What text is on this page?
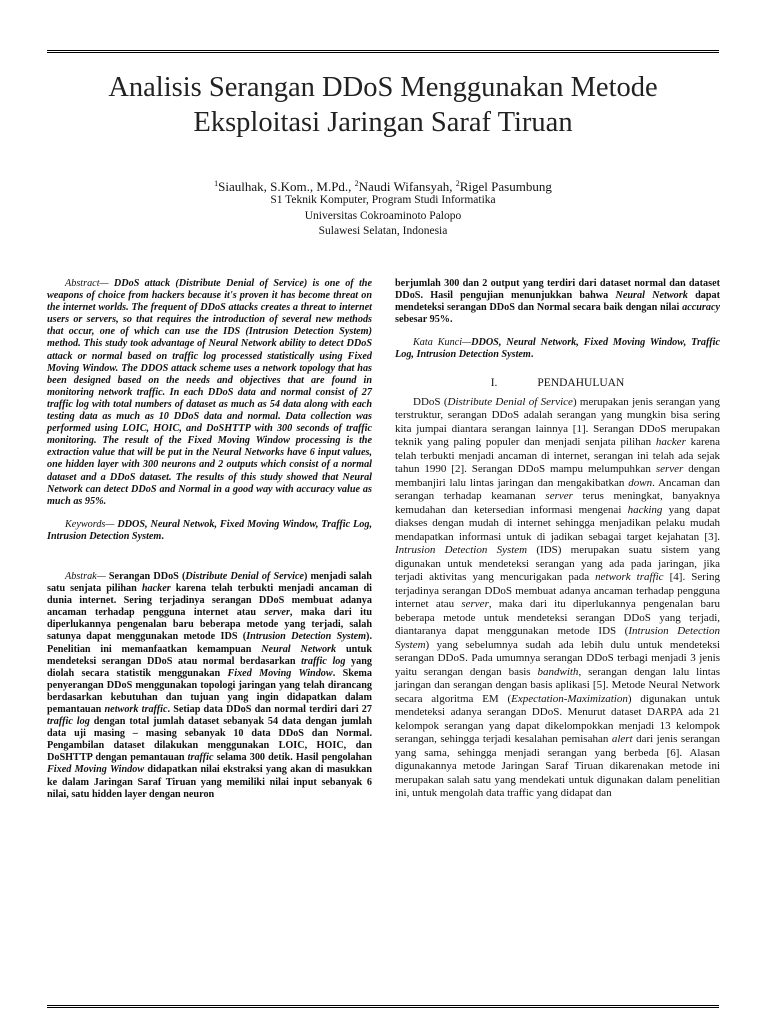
Analisis Serangan DDoS Menggunakan Metode
Eksploitasi Jaringan Saraf Tiruan
$^1$Siaulhak, S.Kom., M.Pd., $^2$Naudi Wifansyah, $^2$Rigel Pasumbung
S1 Teknik Komputer, Program Studi Informatika
Universitas Cokroaminoto Palopo
Sulawesi Selatan, Indonesia

Abstract— DDoS attack (Distribute Denial of Service) is one of the weapons of choice from hackers because it's proven it has become threat on the internet worlds. The frequent of DDoS attacks creates a threat to internet users or servers, so that requires the introduction of several new methods that occur, one of which can use the IDS (Intrusion Detection System) method. This study took advantage of Neural Network ability to detect DDoS attack or normal based on traffic log processed statistically using Fixed Moving Window. The DDOS attack scheme uses a network topology that has been designed based on the needs and objectives that are found in monitoring network traffic. In each DDoS data and normal consist of 27 traffic log with total numbers of dataset as much as 54 data along with each testing data as much as 10 DDoS data and normal. Data collection was performed using LOIC, HOIC, and DoSHTTP with 300 seconds of traffic monitoring. The result of the Fixed Moving Window processing is the extraction value that will be put in the Neural Networks have 6 input values, one hidden layer with 300 neurons and 2 outputs which consist of a normal dataset and a DDoS dataset. The results of this study showed that Neural Network can detect DDoS and Normal in a good way with accuracy value as much as 95%.

Keywords— DDOS, Neural Netwok, Fixed Moving Window, Traffic Log, Intrusion Detection System.

Abstrak— Serangan DDoS (Distribute Denial of Service) menjadi salah satu senjata pilihan hacker karena telah terbukti menjadi ancaman di dunia internet. Sering terjadinya serangan DDoS membuat adanya ancaman terhadap pengguna internet atau server, maka dari itu diperlukannya pengenalan baru beberapa metode yang terjadi, salah satunya dapat menggunakan metode IDS (Intrusion Detection System). Penelitian ini memanfaatkan kemampuan Neural Network untuk mendeteksi serangan DDoS atau normal berdasarkan traffic log yang diolah secara statistik menggunakan Fixed Moving Window. Skema penyerangan DDoS menggunakan topologi jaringan yang telah dirancang berdasarkan kebutuhan dan tujuan yang ingin didapatkan dalam pemantauan network traffic. Setiap data DDoS dan normal terdiri dari 27 traffic log dengan total jumlah dataset sebanyak 54 data dengan jumlah data uji masing – masing sebanyak 10 data DDoS dan Normal. Pengambilan dataset dilakukan menggunakan LOIC, HOIC, dan DoSHTTP dengan pemantauan traffic selama 300 detik. Hasil pengolahan Fixed Moving Window didapatkan nilai ekstraksi yang akan di masukkan ke dalam Jaringan Saraf Tiruan yang memiliki nilai input sebanyak 6 nilai, satu hidden layer dengan neuron

berjumlah 300 dan 2 output yang terdiri dari dataset normal dan dataset DDoS. Hasil pengujian menunjukkan bahwa Neural Network dapat mendeteksi serangan DDoS dan Normal secara baik dengan nilai accuracy sebesar 95%.

Kata Kunci—DDOS, Neural Network, Fixed Moving Window, Traffic Log, Intrusion Detection System.

I.	PENDAHULUAN

DDoS (Distribute Denial of Service) merupakan jenis serangan yang terstruktur, serangan DDoS adalah serangan yang mungkin bisa sering kita jumpai diantara serangan lainnya [1]. Serangan DDoS merupakan teknik yang paling populer dan menjadi senjata pilihan hacker karena telah terbukti menjadi ancaman di internet, serangan ini telah ada sejak tahun 1990 [2]. Serangan DDoS mampu melumpuhkan server dengan membanjiri lalu lintas jaringan dan mengakibatkan down. Ancaman dan serangan terhadap keamanan server terus meningkat, banyaknya kemudahan dan ketersedian informasi mengenai hacking yang dapat diakses dengan mudah di internet sehingga menjadikan pelaku mudah mendapatkan informasi untuk di jadikan sebagai target kejahatan [3]. Intrusion Detection System (IDS) merupakan suatu sistem yang digunakan untuk mendeteksi serangan yang ada pada jaringan, jika terjadi aktivitas yang mencurigakan pada network traffic [4]. Sering terjadinya serangan DDoS membuat adanya ancaman terhadap pengguna internet atau server, maka dari itu diperlukannya pengenalan baru beberapa metode untuk mendeteksi serangan DDoS yang terjadi, diantaranya dapat menggunakan metode IDS (Intrusion Detection System) yang sebelumnya sudah ada lebih dulu untuk mendeteksi serangan DDoS. Pada umumnya serangan DDoS terbagi menjadi 3 jenis yaitu serangan dengan basis bandwith, serangan dengan lalu lintas jaringan dan serangan dengan basis aplikasi [5]. Metode Neural Network secara algoritma EM (Expectation-Maximization) digunakan untuk mendeteksi adanya serangan DDoS. Menurut dataset DARPA ada 21 kelompok serangan yang dapat dikelompokkan menjadi 13 kelompok serangan, sehingga terjadi kesalahan pemisahan alert dari jenis serangan yang sama, sehingga menjadi serangan yang berbeda [6]. Alasan digunakannya metode Jaringan Saraf Tiruan dikarenakan metode ini merupakan salah satu yang mendekati untuk digunakan dalam penelitian ini, untuk mengolah data traffic yang didapat dan
